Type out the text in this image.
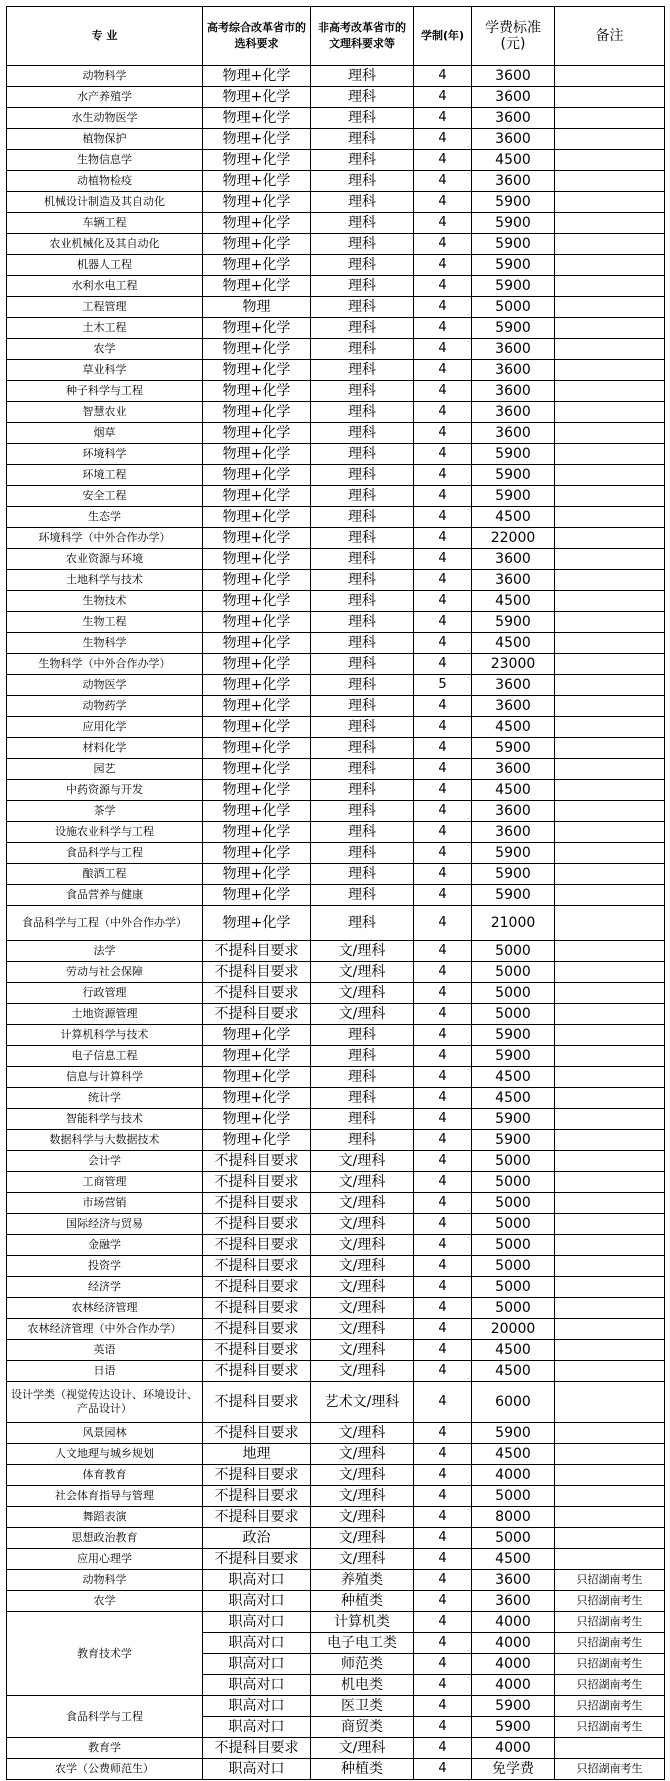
专 业	高考综合改革省市的选科要求	非高考改革省市的文理科要求等	学制(年)	学费标准(元)	备注
动物科学	物理+化学	理科	4	3600	
水产养殖学	物理+化学	理科	4	3600	
水生动物医学	物理+化学	理科	4	3600	
植物保护	物理+化学	理科	4	3600	
生物信息学	物理+化学	理科	4	4500	
动植物检疫	物理+化学	理科	4	3600	
机械设计制造及其自动化	物理+化学	理科	4	5900	
车辆工程	物理+化学	理科	4	5900	
农业机械化及其自动化	物理+化学	理科	4	5900	
机器人工程	物理+化学	理科	4	5900	
水利水电工程	物理+化学	理科	4	5900	
工程管理	物理	理科	4	5000	
土木工程	物理+化学	理科	4	5900	
农学	物理+化学	理科	4	3600	
草业科学	物理+化学	理科	4	3600	
种子科学与工程	物理+化学	理科	4	3600	
智慧农业	物理+化学	理科	4	3600	
烟草	物理+化学	理科	4	3600	
环境科学	物理+化学	理科	4	5900	
环境工程	物理+化学	理科	4	5900	
安全工程	物理+化学	理科	4	5900	
生态学	物理+化学	理科	4	4500	
环境科学（中外合作办学）	物理+化学	理科	4	22000	
农业资源与环境	物理+化学	理科	4	3600	
土地科学与技术	物理+化学	理科	4	3600	
生物技术	物理+化学	理科	4	4500	
生物工程	物理+化学	理科	4	5900	
生物科学	物理+化学	理科	4	4500	
生物科学（中外合作办学）	物理+化学	理科	4	23000	
动物医学	物理+化学	理科	5	3600	
动物药学	物理+化学	理科	4	3600	
应用化学	物理+化学	理科	4	4500	
材料化学	物理+化学	理科	4	5900	
园艺	物理+化学	理科	4	3600	
中药资源与开发	物理+化学	理科	4	4500	
茶学	物理+化学	理科	4	3600	
设施农业科学与工程	物理+化学	理科	4	3600	
食品科学与工程	物理+化学	理科	4	5900	
酿酒工程	物理+化学	理科	4	5900	
食品营养与健康	物理+化学	理科	4	5900	
食品科学与工程（中外合作办学）	物理+化学	理科	4	21000	
法学	不提科目要求	文/理科	4	5000	
劳动与社会保障	不提科目要求	文/理科	4	5000	
行政管理	不提科目要求	文/理科	4	5000	
土地资源管理	不提科目要求	文/理科	4	5000	
计算机科学与技术	物理+化学	理科	4	5900	
电子信息工程	物理+化学	理科	4	5900	
信息与计算科学	物理+化学	理科	4	4500	
统计学	物理+化学	理科	4	4500	
智能科学与技术	物理+化学	理科	4	5900	
数据科学与大数据技术	物理+化学	理科	4	5900	
会计学	不提科目要求	文/理科	4	5000	
工商管理	不提科目要求	文/理科	4	5000	
市场营销	不提科目要求	文/理科	4	5000	
国际经济与贸易	不提科目要求	文/理科	4	5000	
金融学	不提科目要求	文/理科	4	5000	
投资学	不提科目要求	文/理科	4	5000	
经济学	不提科目要求	文/理科	4	5000	
农林经济管理	不提科目要求	文/理科	4	5000	
农林经济管理（中外合作办学）	不提科目要求	文/理科	4	20000	
英语	不提科目要求	文/理科	4	4500	
日语	不提科目要求	文/理科	4	4500	
设计学类（视觉传达设计、环境设计、产品设计）	不提科目要求	艺术文/理科	4	6000	
风景园林	不提科目要求	文/理科	4	5900	
人文地理与城乡规划	地理	文/理科	4	4500	
体育教育	不提科目要求	文/理科	4	4000	
社会体育指导与管理	不提科目要求	文/理科	4	5000	
舞蹈表演	不提科目要求	文/理科	4	8000	
思想政治教育	政治	文/理科	4	5000	
应用心理学	不提科目要求	文/理科	4	4500	
动物科学	职高对口	养殖类	4	3600	只招湖南考生
农学	职高对口	种植类	4	3600	只招湖南考生
教育技术学	职高对口	计算机类	4	4000	只招湖南考生
	职高对口	电子电工类	4	4000	只招湖南考生
	职高对口	师范类	4	4000	只招湖南考生
	职高对口	机电类	4	4000	只招湖南考生
食品科学与工程	职高对口	医卫类	4	5900	只招湖南考生
	职高对口	商贸类	4	5900	只招湖南考生
教育学	不提科目要求	文/理科	4	4000	
农学（公费师范生）	职高对口	种植类	4	免学费	只招湖南考生
